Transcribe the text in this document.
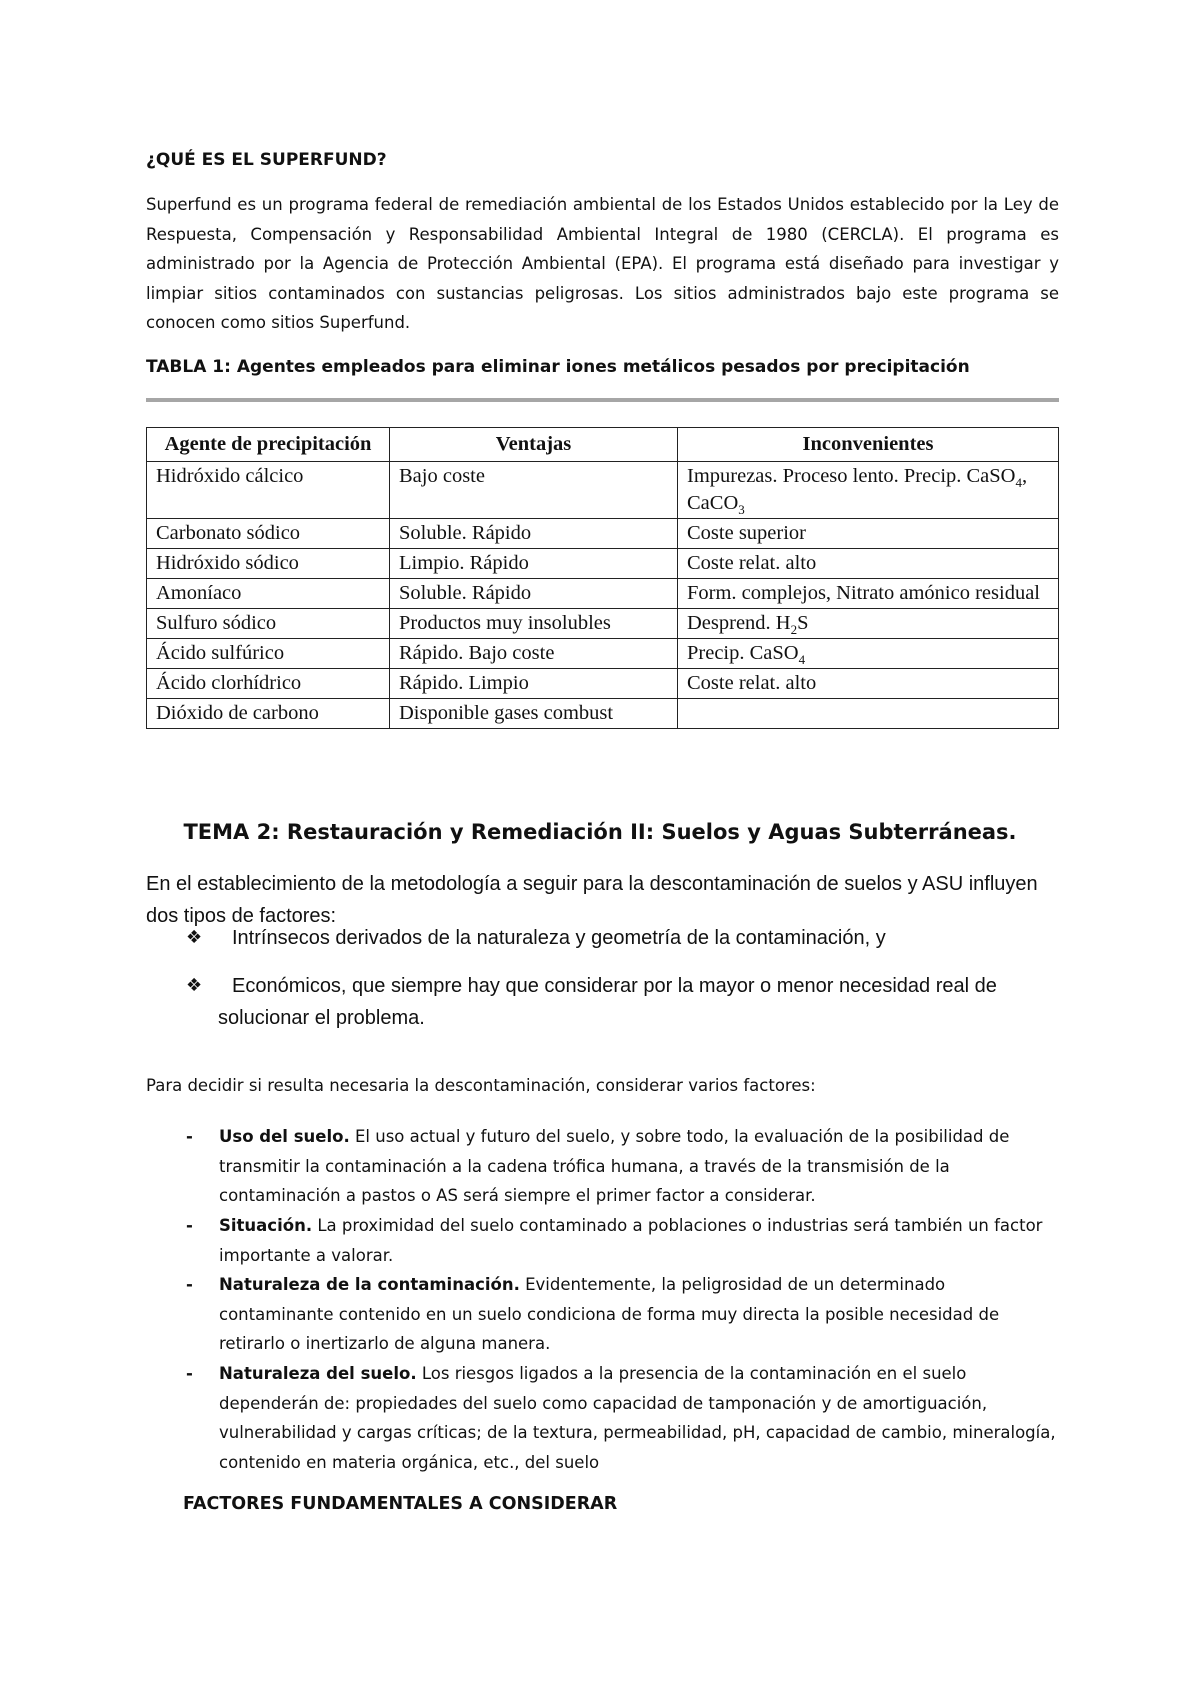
¿QUÉ ES EL SUPERFUND?
Superfund es un programa federal de remediación ambiental de los Estados Unidos establecido por la Ley de Respuesta, Compensación y Responsabilidad Ambiental Integral de 1980 (CERCLA). El programa es administrado por la Agencia de Protección Ambiental (EPA). El programa está diseñado para investigar y limpiar sitios contaminados con sustancias peligrosas. Los sitios administrados bajo este programa se conocen como sitios Superfund.
TABLA 1: Agentes empleados para eliminar iones metálicos pesados por precipitación
Agente de precipitación	Ventajas	Inconvenientes
Hidróxido cálcico	Bajo coste	Impurezas. Proceso lento. Precip. CaSO$_4$, CaCO$_3$
Carbonato sódico	Soluble. Rápido	Coste superior
Hidróxido sódico	Limpio. Rápido	Coste relat. alto
Amoníaco	Soluble. Rápido	Form. complejos, Nitrato amónico residual
Sulfuro sódico	Productos muy insolubles	Desprend. $H_2S$
Ácido sulfúrico	Rápido. Bajo coste	Precip. CaSO$_4$
Ácido clorhídrico	Rápido. Limpio	Coste relat. alto
Dióxido de carbono	Disponible gases combust	
TEMA 2: Restauración y Remediación II: Suelos y Aguas Subterráneas.
En el establecimiento de la metodología a seguir para la descontaminación de suelos y ASU influyen dos tipos de factores:
❖	Intrínsecos derivados de la naturaleza y geometría de la contaminación, y
❖	Económicos, que siempre hay que considerar por la mayor o menor necesidad real de solucionar el problema.
Para decidir si resulta necesaria la descontaminación, considerar varios factores:
-	Uso del suelo. El uso actual y futuro del suelo, y sobre todo, la evaluación de la posibilidad de transmitir la contaminación a la cadena trófica humana, a través de la transmisión de la contaminación a pastos o AS será siempre el primer factor a considerar.
-	Situación. La proximidad del suelo contaminado a poblaciones o industrias será también un factor importante a valorar.
-	Naturaleza de la contaminación. Evidentemente, la peligrosidad de un determinado contaminante contenido en un suelo condiciona de forma muy directa la posible necesidad de retirarlo o inertizarlo de alguna manera.
-	Naturaleza del suelo. Los riesgos ligados a la presencia de la contaminación en el suelo dependerán de: propiedades del suelo como capacidad de tamponación y de amortiguación, vulnerabilidad y cargas críticas; de la textura, permeabilidad, pH, capacidad de cambio, mineralogía, contenido en materia orgánica, etc., del suelo
FACTORES FUNDAMENTALES A CONSIDERAR
